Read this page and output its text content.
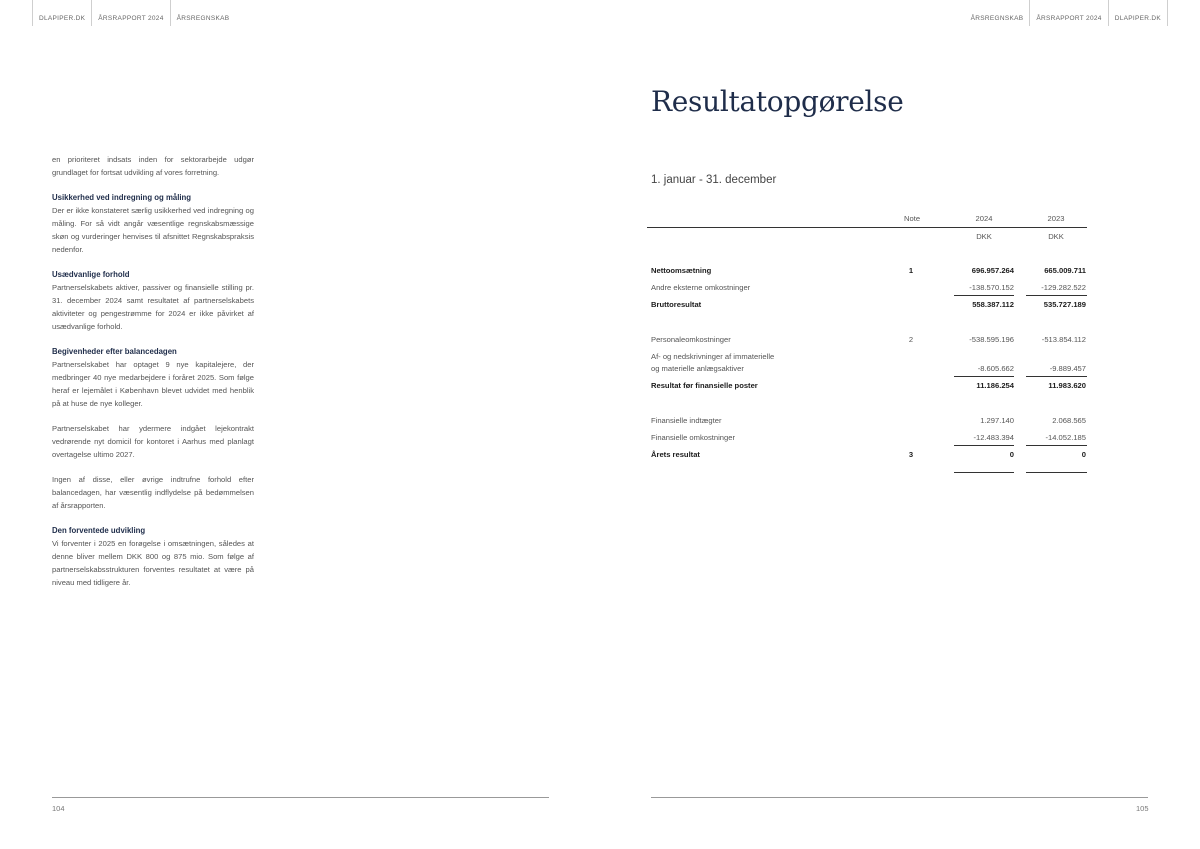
DLAPIPER.DK	ÅRSRAPPORT 2024	ÅRSREGNSKAB	ÅRSREGNSKAB	ÅRSRAPPORT 2024	DLAPIPER.DK

en prioriteret indsats inden for sektorarbejde udgør grundlaget for fortsat udvikling af vores forretning.

Usikkerhed ved indregning og måling

Der er ikke konstateret særlig usikkerhed ved indregning og måling. For så vidt angår væsentlige regnskabsmæssige skøn og vurderinger henvises til afsnittet Regnskabspraksis nedenfor.

Usædvanlige forhold

Partnerselskabets aktiver, passiver og finansielle stilling pr. 31. december 2024 samt resultatet af partnerselskabets aktiviteter og pengestrømme for 2024 er ikke påvirket af usædvanlige forhold.

Begivenheder efter balancedagen

Partnerselskabet har optaget 9 nye kapitalejere, der medbringer 40 nye medarbejdere i foråret 2025. Som følge heraf er lejemålet i København blevet udvidet med henblik på at huse de nye kolleger.

Partnerselskabet har ydermere indgået lejekontrakt vedrørende nyt domicil for kontoret i Aarhus med planlagt overtagelse ultimo 2027.

Ingen af disse, eller øvrige indtrufne forhold efter balancedagen, har væsentlig indflydelse på bedømmelsen af årsrapporten.

Den forventede udvikling

Vi forventer i 2025 en forøgelse i omsætningen, således at denne bliver mellem DKK 800 og 875 mio. Som følge af partnerselskabsstrukturen forventes resultatet at være på niveau med tidligere år.

Resultatopgørelse
1. januar - 31. december
Note	2024	2023
DKK	DKK
Nettoomsætning	1	696.957.264	665.009.711
Andre eksterne omkostninger	-138.570.152	-129.282.522
Bruttoresultat	558.387.112	535.727.189
Personaleomkostninger	2	-538.595.196	-513.854.112
Af- og nedskrivninger af immaterielle
og materielle anlægsaktiver	-8.605.662	-9.889.457
Resultat før finansielle poster	11.186.254	11.983.620
Finansielle indtægter	1.297.140	2.068.565
Finansielle omkostninger	-12.483.394	-14.052.185
Årets resultat	3	0	0
104	105
